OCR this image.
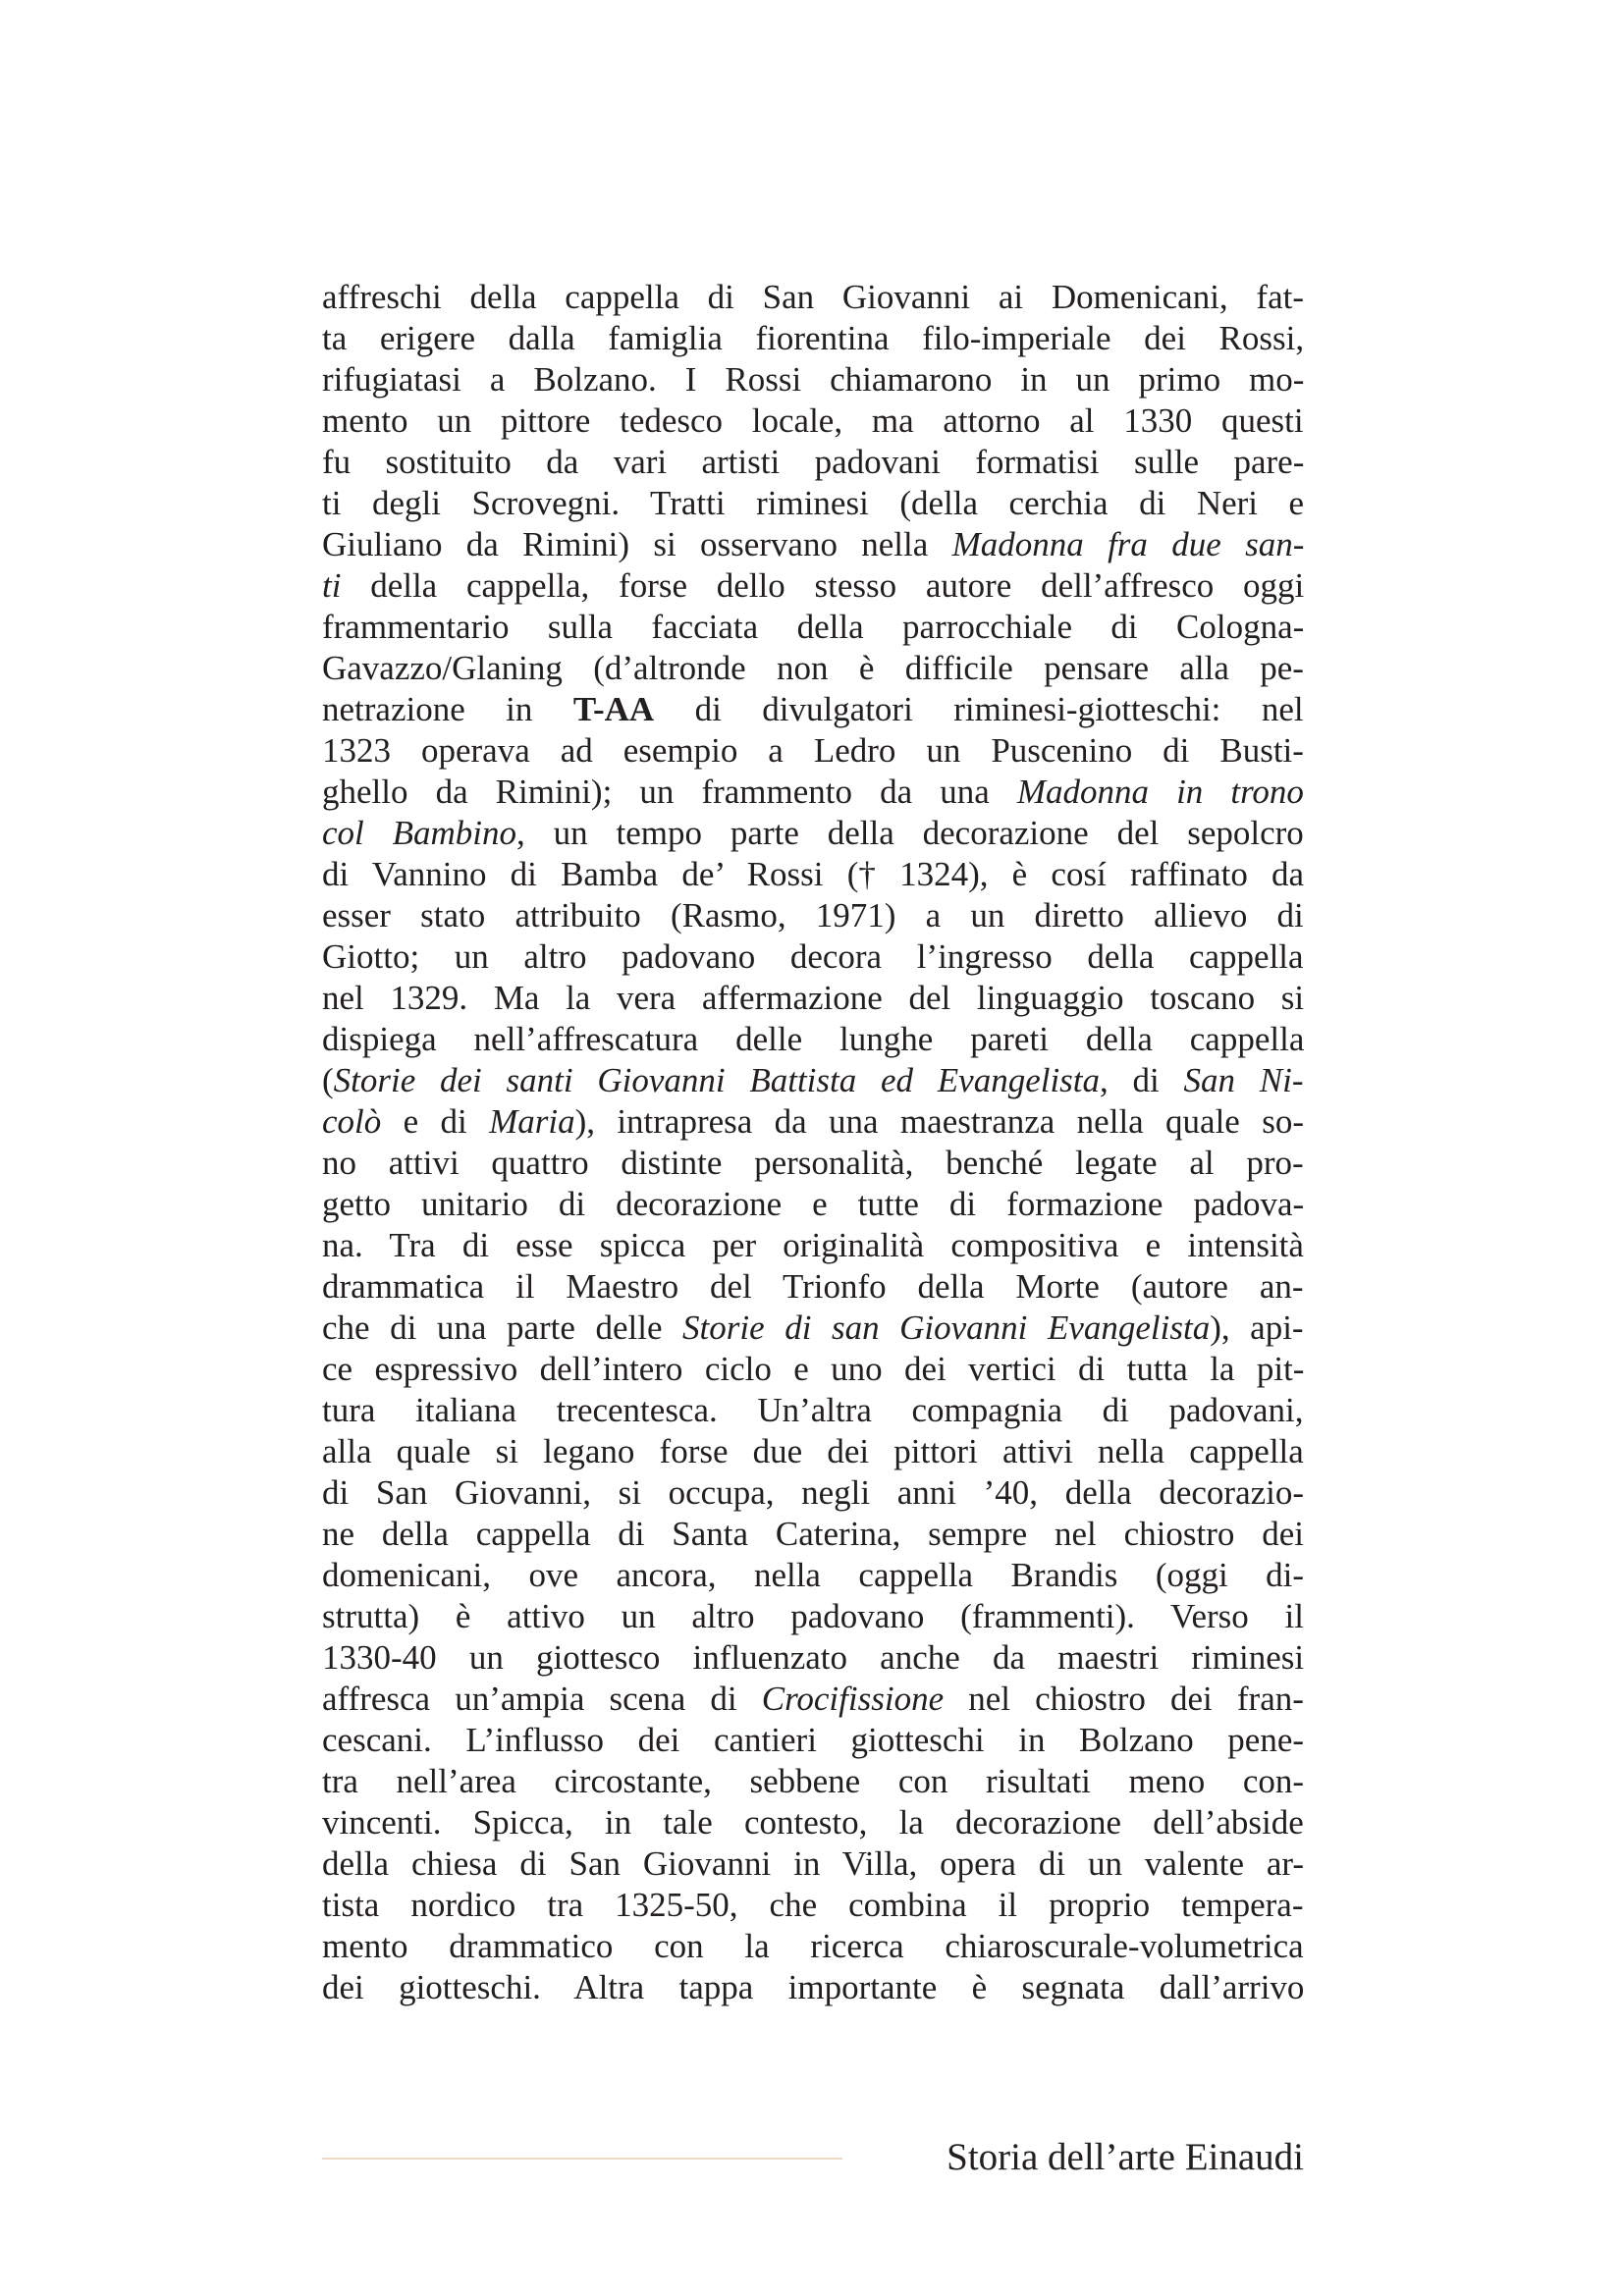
affreschi della cappella di San Giovanni ai Domenicani, fat-
ta erigere dalla famiglia fiorentina filo-imperiale dei Rossi,
rifugiatasi a Bolzano. I Rossi chiamarono in un primo mo-
mento un pittore tedesco locale, ma attorno al 1330 questi
fu sostituito da vari artisti padovani formatisi sulle pare-
ti degli Scrovegni. Tratti riminesi (della cerchia di Neri e
Giuliano da Rimini) si osservano nella Madonna fra due san-
ti della cappella, forse dello stesso autore dell’affresco oggi
frammentario sulla facciata della parrocchiale di Cologna-
Gavazzo/Glaning (d’altronde non è difficile pensare alla pe-
netrazione in T-AA di divulgatori riminesi-giotteschi: nel
1323 operava ad esempio a Ledro un Puscenino di Busti-
ghello da Rimini); un frammento da una Madonna in trono
col Bambino, un tempo parte della decorazione del sepolcro
di Vannino di Bamba de’ Rossi († 1324), è cosí raffinato da
esser stato attribuito (Rasmo, 1971) a un diretto allievo di
Giotto; un altro padovano decora l’ingresso della cappella
nel 1329. Ma la vera affermazione del linguaggio toscano si
dispiega nell’affrescatura delle lunghe pareti della cappella
(Storie dei santi Giovanni Battista ed Evangelista, di San Ni-
colò e di Maria), intrapresa da una maestranza nella quale so-
no attivi quattro distinte personalità, benché legate al pro-
getto unitario di decorazione e tutte di formazione padova-
na. Tra di esse spicca per originalità compositiva e intensità
drammatica il Maestro del Trionfo della Morte (autore an-
che di una parte delle Storie di san Giovanni Evangelista), api-
ce espressivo dell’intero ciclo e uno dei vertici di tutta la pit-
tura italiana trecentesca. Un’altra compagnia di padovani,
alla quale si legano forse due dei pittori attivi nella cappella
di San Giovanni, si occupa, negli anni ’40, della decorazio-
ne della cappella di Santa Caterina, sempre nel chiostro dei
domenicani, ove ancora, nella cappella Brandis (oggi di-
strutta) è attivo un altro padovano (frammenti). Verso il
1330-40 un giottesco influenzato anche da maestri riminesi
affresca un’ampia scena di Crocifissione nel chiostro dei fran-
cescani. L’influsso dei cantieri giotteschi in Bolzano pene-
tra nell’area circostante, sebbene con risultati meno con-
vincenti. Spicca, in tale contesto, la decorazione dell’abside
della chiesa di San Giovanni in Villa, opera di un valente ar-
tista nordico tra 1325-50, che combina il proprio tempera-
mento drammatico con la ricerca chiaroscurale-volumetrica
dei giotteschi. Altra tappa importante è segnata dall’arrivo
Storia dell’arte Einaudi
